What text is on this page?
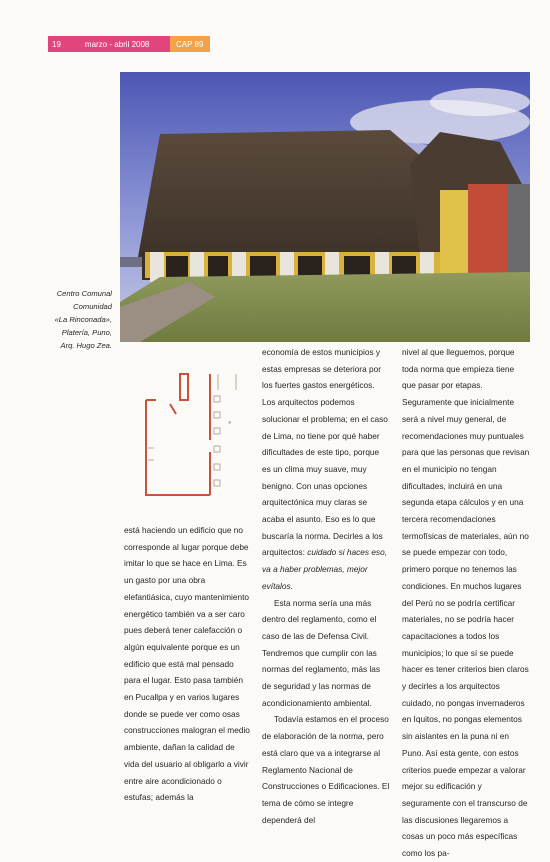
19	marzo - abril 2008	CAP 89
Centro Comunal
Comunidad
«La Rinconada»,
Platería, Puno,
Arq. Hugo Zea.
⁎

está haciendo un edificio que no corresponde al lugar porque debe imitar lo que se hace en Lima. Es un gasto por una obra elefantiásica, cuyo mantenimiento energético también va a ser caro pues deberá tener calefacción o algún equivalente porque es un edificio que está mal pensado para el lugar. Esto pasa también en Pucallpa y en varios lugares donde se puede ver como osas construcciones malogran el medio ambiente, dañan la calidad de vida del usuario al obligarlo a vivir entre aire acondicionado o estufas; además la

economía de estos municipios y estas empresas se deteriora por los fuertes gastos energéticos. Los arquitectos podemos solucionar el problema; en el caso de Lima, no tiene por qué haber dificultades de este tipo, porque es un clima muy suave, muy benigno. Con unas opciones arquitectónica muy claras se acaba el asunto. Eso es lo que buscaría la norma. Decirles a los arquitectos: cuidado si haces eso, va a haber problemas, mejor evítalos.

Esta norma sería una más dentro del reglamento, como el caso de las de Defensa Civil. Tendremos que cumplir con las normas del reglamento, más las de seguridad y las normas de acondicionamiento ambiental.

Todavía estamos en el proceso de elaboración de la norma, pero está claro que va a integrarse al Reglamento Nacional de Construcciones o Edificaciones. El tema de cómo se integre dependerá del

nivel al que lleguemos, porque toda norma que empieza tiene que pasar por etapas. Seguramente que inicialmente será a nivel muy general, de recomendaciones muy puntuales para que las personas que revisan en el municipio no tengan dificultades, incluirá en una segunda etapa cálculos y en una tercera recomendaciones termofísicas de materiales, aún no se puede empezar con todo, primero porque no tenemos las condiciones. En muchos lugares del Perú no se podría certificar materiales, no se podría hacer capacitaciones a todos los municipios; lo que sí se puede hacer es tener criterios bien claros y decirles a los arquitectos cuidado, no pongas invernaderos en Iquitos, no pongas elementos sin aislantes en la puna ni en Puno. Así esta gente, con estos criterios puede empezar a valorar mejor su edificación y seguramente con el transcurso de las discusiones llegaremos a cosas un poco más específicas como los pa-
